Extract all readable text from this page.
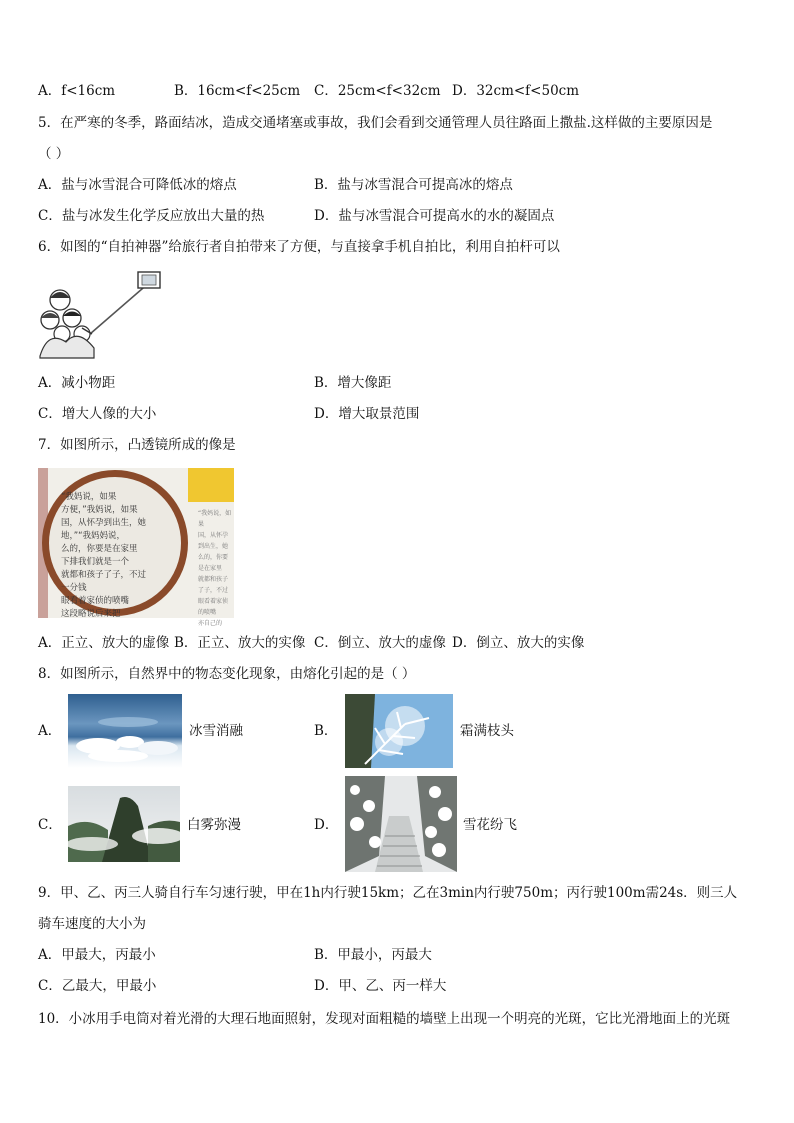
A．f<16cm	B．16cm<f<25cm C．25cm<f<32cm D．32cm<f<50cm
5．在严寒的冬季，路面结冰，造成交通堵塞或事故，我们会看到交通管理人员往路面上撒盐.这样做的主要原因是
（ ）
A．盐与冰雪混合可降低冰的熔点	B．盐与冰雪混合可提高冰的熔点
C．盐与冰发生化学反应放出大量的热	D．盐与冰雪混合可提高水的水的凝固点
6．如图的“自拍神器”给旅行者自拍带来了方便，与直接拿手机自拍比，利用自拍杆可以
A．减小物距	B．增大像距
C．增大人像的大小	D．增大取景范围
7．如图所示，凸透镜所成的像是
“我妈说，如果
国，从怀孕到出生，她
么的，你要是在家里
就都和孩子了子，不过
眼看着家侦的喷嘴
亦自己的
“我妈说，如果
方便，”我妈说，如果
国，从怀孕到出生，她
地，”“我妈妈说，
么的，你要是在家里
下排我们就是一个
就都和孩子了子，不过
一分钱
眼看着家侦的喷嘴
这段略说后来把
A．正立、放大的虚像 B．正立、放大的实像 C．倒立、放大的虚像 D．倒立、放大的实像
8．如图所示，自然界中的物态变化现象，由熔化引起的是（ ）
A．	冰雪消融	B．	霜满枝头
C．	白雾弥漫	D．	雪花纷飞
9．甲、乙、丙三人骑自行车匀速行驶，甲在1h内行驶15km；乙在3min内行驶750m；丙行驶100m需24s．则三人
骑车速度的大小为
A．甲最大，丙最小	B．甲最小，丙最大
C．乙最大，甲最小	D．甲、乙、丙一样大
10．小冰用手电筒对着光滑的大理石地面照射，发现对面粗糙的墙壁上出现一个明亮的光斑，它比光滑地面上的光斑
